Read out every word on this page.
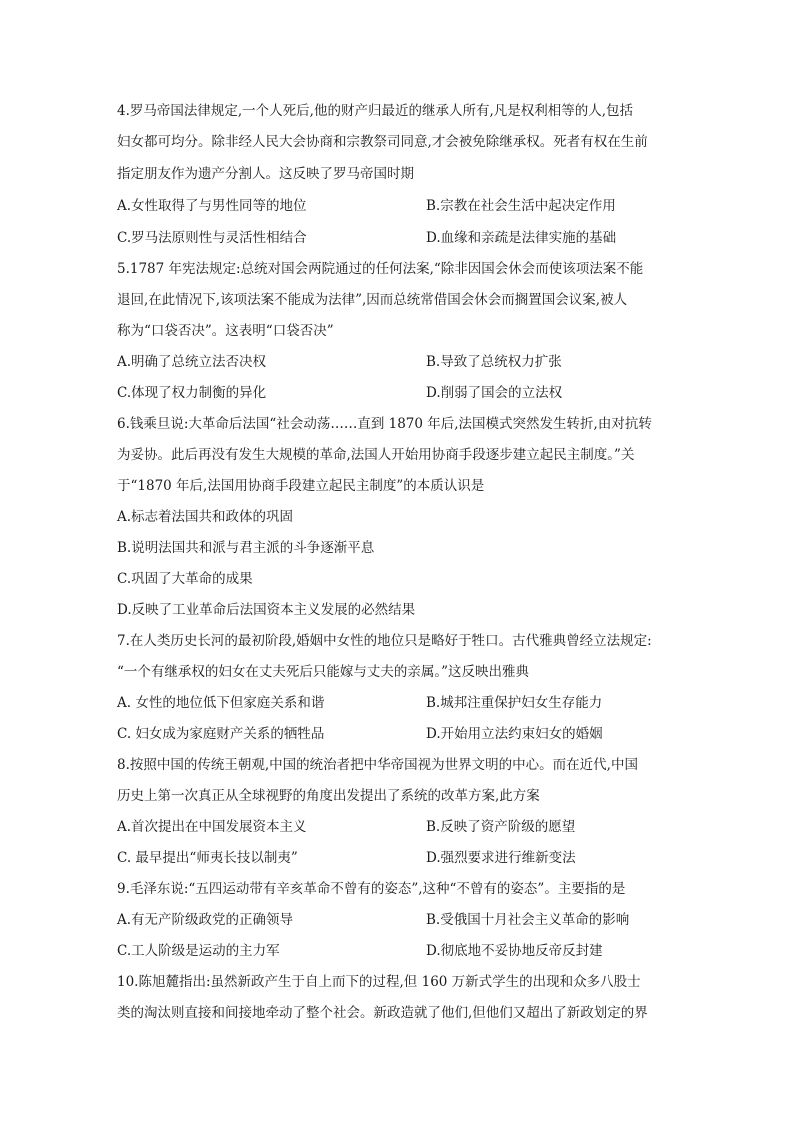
4.罗马帝国法律规定,一个人死后,他的财产归最近的继承人所有,凡是权利相等的人,包括
妇女都可均分。除非经人民大会协商和宗教祭司同意,才会被免除继承权。死者有权在生前
指定朋友作为遗产分割人。这反映了罗马帝国时期
A.女性取得了与男性同等的地位	B.宗教在社会生活中起决定作用
C.罗马法原则性与灵活性相结合	D.血缘和亲疏是法律实施的基础
5.1787 年宪法规定:总统对国会两院通过的任何法案,“除非因国会休会而使该项法案不能
退回,在此情况下,该项法案不能成为法律”,因而总统常借国会休会而搁置国会议案,被人
称为“口袋否决”。这表明“口袋否决”
A.明确了总统立法否决权	B.导致了总统权力扩张
C.体现了权力制衡的异化	D.削弱了国会的立法权
6.钱乘旦说:大革命后法国“社会动荡……直到 1870 年后,法国模式突然发生转折,由对抗转
为妥协。此后再没有发生大规模的革命,法国人开始用协商手段逐步建立起民主制度。”关
于“1870 年后,法国用协商手段建立起民主制度”的本质认识是
A.标志着法国共和政体的巩固
B.说明法国共和派与君主派的斗争逐渐平息
C.巩固了大革命的成果
D.反映了工业革命后法国资本主义发展的必然结果
7.在人类历史长河的最初阶段,婚姻中女性的地位只是略好于牲口。古代雅典曾经立法规定:
“一个有继承权的妇女在丈夫死后只能嫁与丈夫的亲属。”这反映出雅典
A. 女性的地位低下但家庭关系和谐	B.城邦注重保护妇女生存能力
C. 妇女成为家庭财产关系的牺牲品	D.开始用立法约束妇女的婚姻
8.按照中国的传统王朝观,中国的统治者把中华帝国视为世界文明的中心。而在近代,中国
历史上第一次真正从全球视野的角度出发提出了系统的改革方案,此方案
A.首次提出在中国发展资本主义	B.反映了资产阶级的愿望
C. 最早提出“师夷长技以制夷”	D.强烈要求进行维新变法
9.毛泽东说:“五四运动带有辛亥革命不曾有的姿态”,这种“不曾有的姿态”。主要指的是
A.有无产阶级政党的正确领导	B.受俄国十月社会主义革命的影响
C.工人阶级是运动的主力军	D.彻底地不妥协地反帝反封建
10.陈旭麓指出:虽然新政产生于自上而下的过程,但 160 万新式学生的出现和众多八股士
类的淘汰则直接和间接地牵动了整个社会。新政造就了他们,但他们又超出了新政划定的界
